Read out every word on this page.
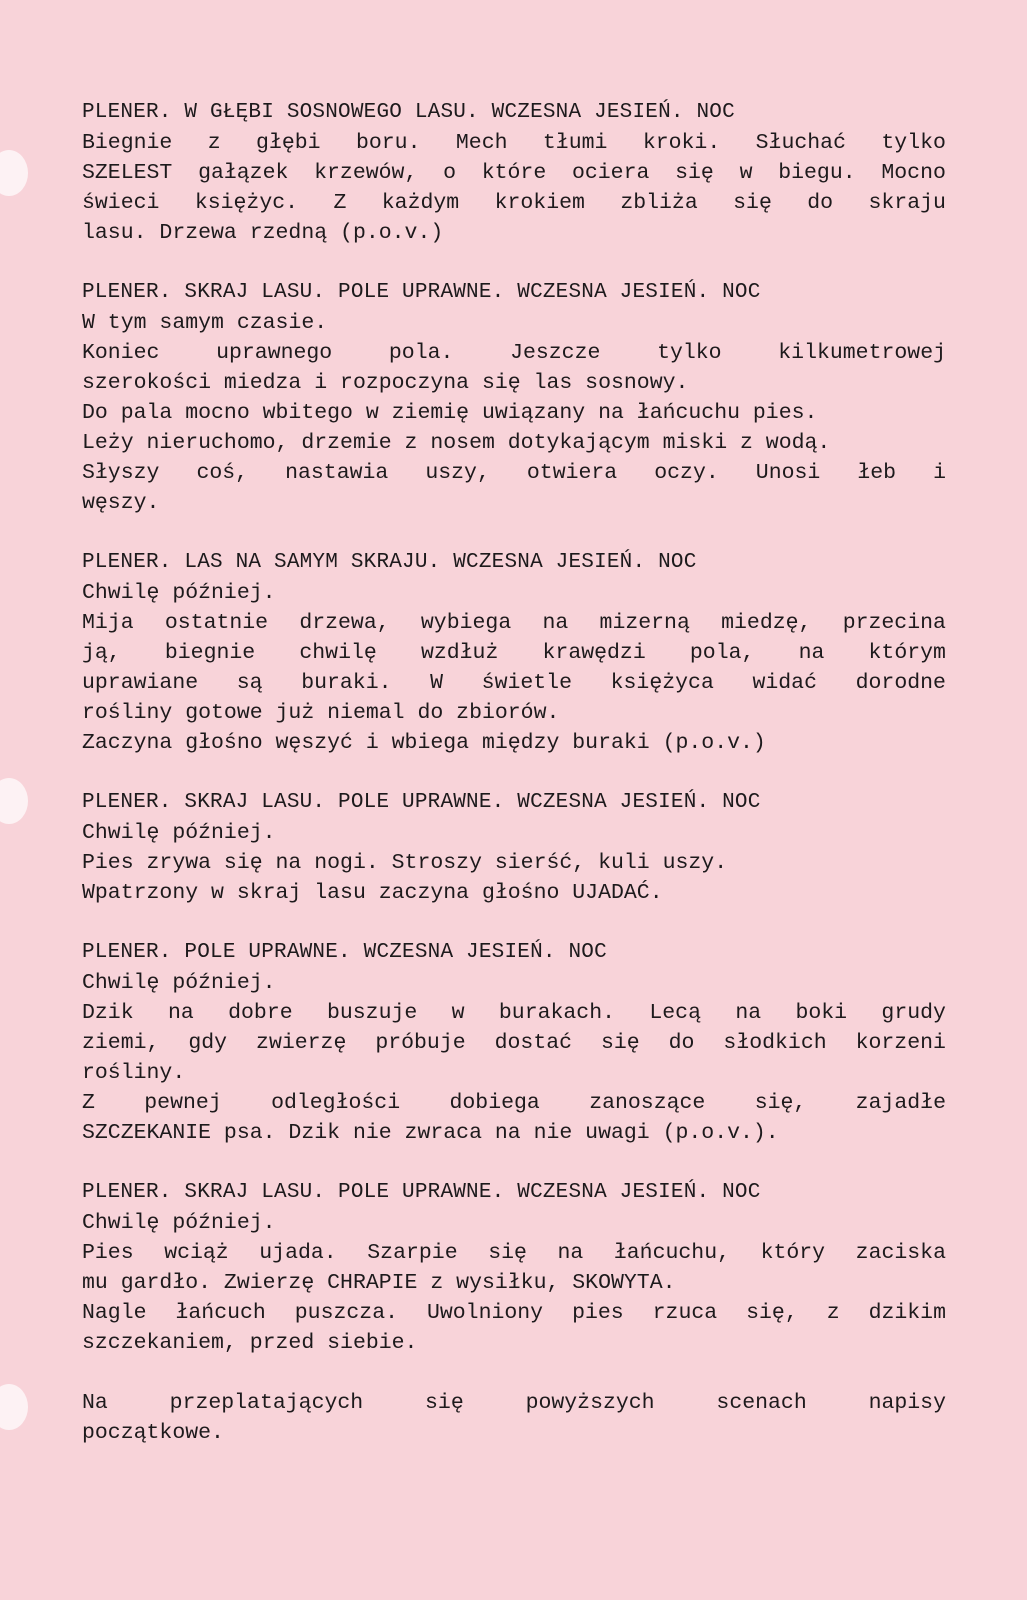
PLENER. W GŁĘBI SOSNOWEGO LASU. WCZESNA JESIEŃ. NOC
Biegnie z głębi boru. Mech tłumi kroki. Słuchać tylko
SZELEST gałązek krzewów, o które ociera się w biegu. Mocno
świeci księżyc. Z każdym krokiem zbliża się do skraju
lasu. Drzewa rzedną (p.o.v.)
PLENER. SKRAJ LASU. POLE UPRAWNE. WCZESNA JESIEŃ. NOC
W tym samym czasie.
Koniec	uprawnego	pola.	Jeszcze	tylko	kilkumetrowej
szerokości miedza i rozpoczyna się las sosnowy.
Do pala mocno wbitego w ziemię uwiązany na łańcuchu pies.
Leży nieruchomo, drzemie z nosem dotykającym miski z wodą.
Słyszy coś, nastawia uszy, otwiera oczy. Unosi łeb i
węszy.
PLENER. LAS NA SAMYM SKRAJU. WCZESNA JESIEŃ. NOC
Chwilę później.
Mija ostatnie drzewa, wybiega na mizerną miedzę, przecina
ją, biegnie chwilę wzdłuż krawędzi pola, na którym
uprawiane są buraki. W świetle księżyca widać dorodne
rośliny gotowe już niemal do zbiorów.
Zaczyna głośno węszyć i wbiega między buraki (p.o.v.)
PLENER. SKRAJ LASU. POLE UPRAWNE. WCZESNA JESIEŃ. NOC
Chwilę później.
Pies zrywa się na nogi. Stroszy sierść, kuli uszy.
Wpatrzony w skraj lasu zaczyna głośno UJADAĆ.
PLENER. POLE UPRAWNE. WCZESNA JESIEŃ. NOC
Chwilę później.
Dzik na dobre buszuje w burakach. Lecą na boki grudy
ziemi, gdy zwierzę próbuje dostać się do słodkich korzeni
rośliny.
Z pewnej odległości dobiega zanoszące się, zajadłe
SZCZEKANIE psa. Dzik nie zwraca na nie uwagi (p.o.v.).
PLENER. SKRAJ LASU. POLE UPRAWNE. WCZESNA JESIEŃ. NOC
Chwilę później.
Pies wciąż ujada. Szarpie się na łańcuchu, który zaciska
mu gardło. Zwierzę CHRAPIE z wysiłku, SKOWYTA.
Nagle łańcuch puszcza. Uwolniony pies rzuca się, z dzikim
szczekaniem, przed siebie.
Na	przeplatających	się	powyższych	scenach	napisy
początkowe.
